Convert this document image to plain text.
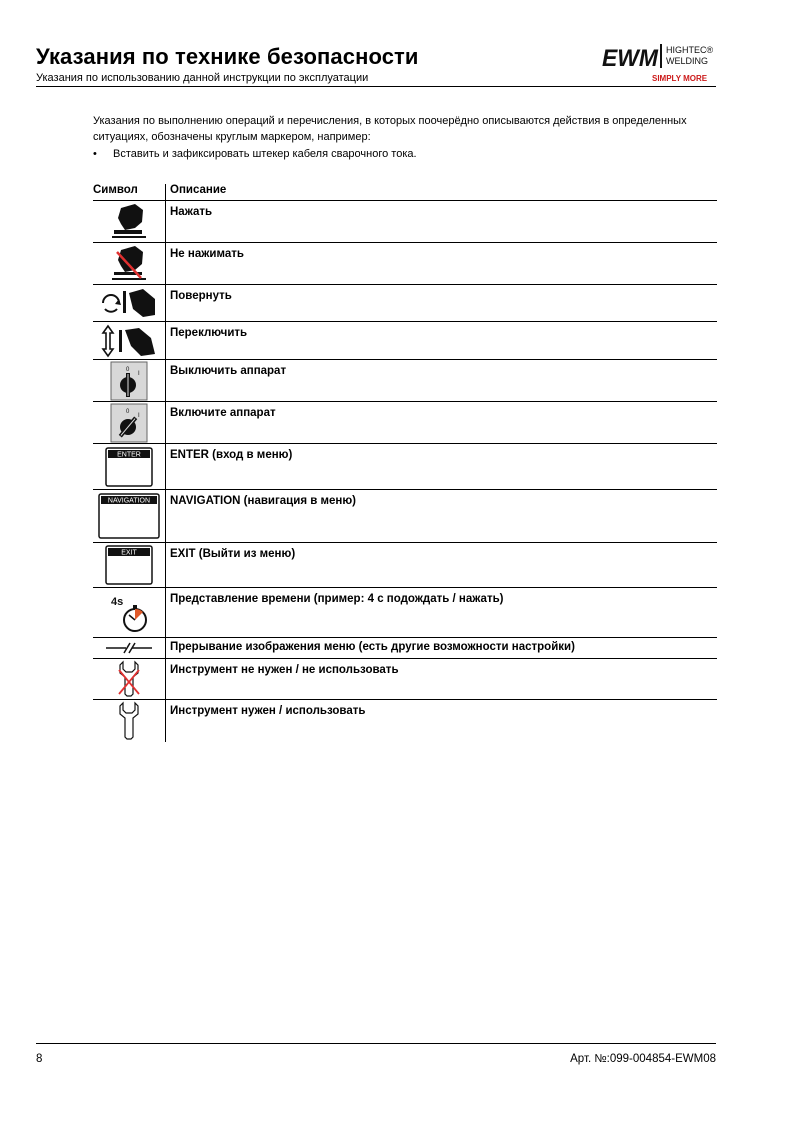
Указания по технике безопасности
Указания по использованию данной инструкции по эксплуатации
EWM HIGHTEC®
WELDING
SIMPLY MORE
Указания по выполнению операций и перечисления, в которых поочерёдно описываются действия в определенных ситуациях, обозначены круглым маркером, например:
• Вставить и зафиксировать штекер кабеля сварочного тока.
Символ	Описание

	Нажать

	Не нажимать

	Повернуть

	Переключить

0
I	Выключить аппарат

0
I	Включите аппарат

ENTER	ENTER (вход в меню)

NAVIGATION	NAVIGATION (навигация в меню)

EXIT	EXIT (Выйти из меню)

4s	Представление времени (пример: 4 с подождать / нажать)

	Прерывание изображения меню (есть другие возможности настройки)

	Инструмент не нужен / не использовать

	Инструмент нужен / использовать
8	Арт. №:099-004854-EWM08
